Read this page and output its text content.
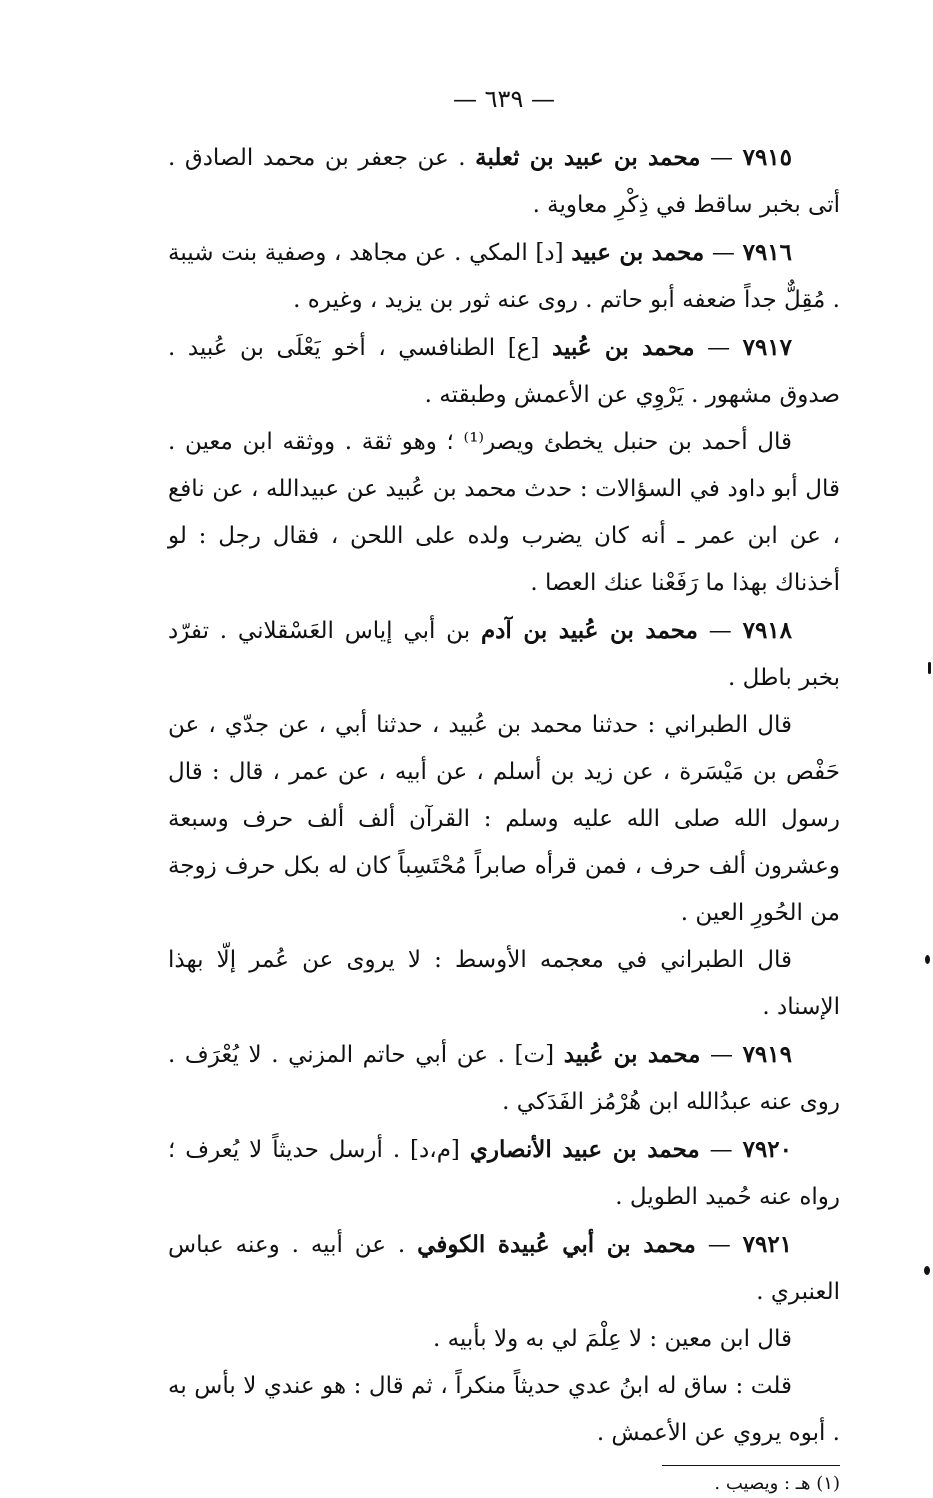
— ٦٣٩ —

٧٩١٥ — محمد بن عبيد بن ثعلبة . عن جعفر بن محمد الصادق . أتى بخبر ساقط في ذِكْرِ معاوية .

٧٩١٦ — محمد بن عبيد [د] المكي . عن مجاهد ، وصفية بنت شيبة . مُقِلٌّ جداً ضعفه أبو حاتم . روى عنه ثور بن يزيد ، وغيره .

٧٩١٧ — محمد بن عُبيد [ع] الطنافسي ، أخو يَعْلَى بن عُبيد . صدوق مشهور . يَرْوِي عن الأعمش وطبقته .

قال أحمد بن حنبل يخطئ ويصر⁽¹⁾ ؛ وهو ثقة . ووثقه ابن معين . قال أبو داود في السؤالات : حدث محمد بن عُبيد عن عبيدالله ، عن نافع ، عن ابن عمر ـ أنه كان يضرب ولده على اللحن ، فقال رجل : لو أخذناك بهذا ما رَفَعْنا عنك العصا .

٧٩١٨ — محمد بن عُبيد بن آدم بن أبي إياس العَسْقلاني . تفرّد بخبر باطل .

قال الطبراني : حدثنا محمد بن عُبيد ، حدثنا أبي ، عن جدّي ، عن حَفْص بن مَيْسَرة ، عن زيد بن أسلم ، عن أبيه ، عن عمر ، قال : قال رسول الله صلى الله عليه وسلم : القرآن ألف ألف حرف وسبعة وعشرون ألف حرف ، فمن قرأه صابراً مُحْتَسِباً كان له بكل حرف زوجة من الحُورِ العين .

قال الطبراني في معجمه الأوسط : لا يروى عن عُمر إلّا بهذا الإسناد .

٧٩١٩ — محمد بن عُبيد [ت] . عن أبي حاتم المزني . لا يُعْرَف . روى عنه عبدُالله ابن هُرْمُز الفَدَكي .

٧٩٢٠ — محمد بن عبيد الأنصاري [م،د] . أرسل حديثاً لا يُعرف ؛ رواه عنه حُميد الطويل .

٧٩٢١ — محمد بن أبي عُبيدة الكوفي . عن أبيه . وعنه عباس العنبري .

قال ابن معين : لا عِلْمَ لي به ولا بأبيه .

قلت : ساق له ابنُ عدي حديثاً منكراً ، ثم قال : هو عندي لا بأس به . أبوه يروي عن الأعمش .

(١) هـ : ويصيب .
